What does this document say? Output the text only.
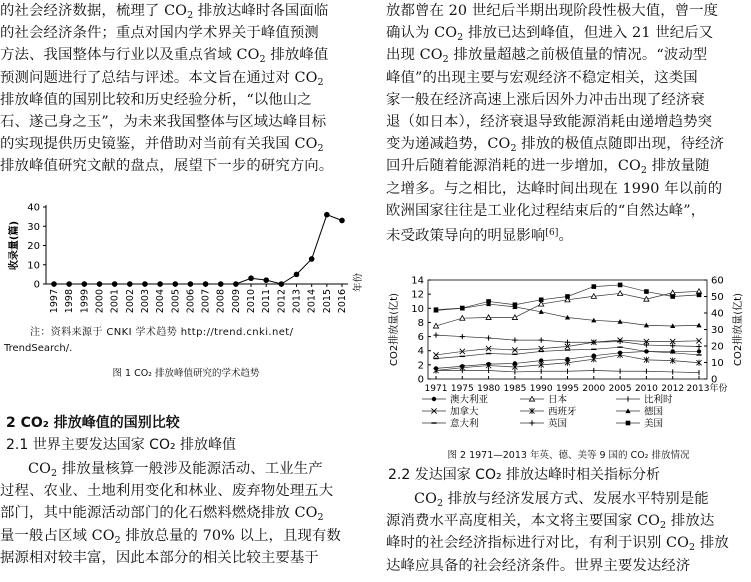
的社会经济数据，梳理了 $CO_2$ 排放达峰时各国面临
的社会经济条件；重点对国内学术界关于峰值预测
方法、我国整体与行业以及重点省域 $CO_2$ 排放峰值
预测问题进行了总结与评述。本文旨在通过对 $CO_2$
排放峰值的国别比较和历史经验分析，“以他山之
石、遂己身之玉”，为未来我国整体与区域达峰目标
的实现提供历史镜鉴，并借助对当前有关我国 $CO_2$
排放峰值研究文献的盘点，展望下一步的研究方向。
0
10
20
30
40
收录量(篇)
1997 1998 1999 2000 2001 2002 2003 2004 2005 2006 2007 2008 2009 2010 2011 2012 2013 2014 2015 2016
年份
注：资料来源于 CNKI 学术趋势 http://trend.cnki.net/
TrendSearch/.
图 1 CO₂ 排放峰值研究的学术趋势
2 CO₂ 排放峰值的国别比较
2.1 世界主要发达国家 CO₂ 排放峰值
$CO_2$ 排放量核算一般涉及能源活动、工业生产
过程、农业、土地利用变化和林业、废弃物处理五大
部门，其中能源活动部门的化石燃料燃烧排放 $CO_2$
量一般占区域 $CO_2$ 排放总量的 70% 以上，且现有数
据源相对较丰富，因此本部分的相关比较主要基于
放都曾在 20 世纪后半期出现阶段性极大值，曾一度
确认为 $CO_2$ 排放已达到峰值，但进入 21 世纪后又
出现 $CO_2$ 排放量超越之前极值量的情况。“波动型
峰值”的出现主要与宏观经济不稳定相关，这类国
家一般在经济高速上涨后因外力冲击出现了经济衰
退（如日本），经济衰退导致能源消耗由递增趋势突
变为递减趋势，$CO_2$ 排放的极值点随即出现，待经济
回升后随着能源消耗的进一步增加，$CO_2$ 排放量随
之增多。与之相比，达峰时间出现在 1990 年以前的
欧洲国家往往是工业化过程结束后的“自然达峰”，
未受政策导向的明显影响[6]。
0
2
4
6
8
10
12
14
0
10
20
30
40
50
60
CO2排放量(亿t)	CO2排放量(亿t)
1971 1975 1980 1985 1990 1995 2000 2005 2010 2012 2013年份
澳大利亚	日本	比利时
加拿大	西班牙	德国
意大利	英国	美国
图 2 1971—2013 年英、德、美等 9 国的 CO₂ 排放情况
2.2 发达国家 CO₂ 排放达峰时相关指标分析
$CO_2$ 排放与经济发展方式、发展水平特别是能
源消费水平高度相关，本文将主要国家 $CO_2$ 排放达
峰时的社会经济指标进行对比，有利于识别 $CO_2$ 排放
达峰应具备的社会经济条件。世界主要发达经济
